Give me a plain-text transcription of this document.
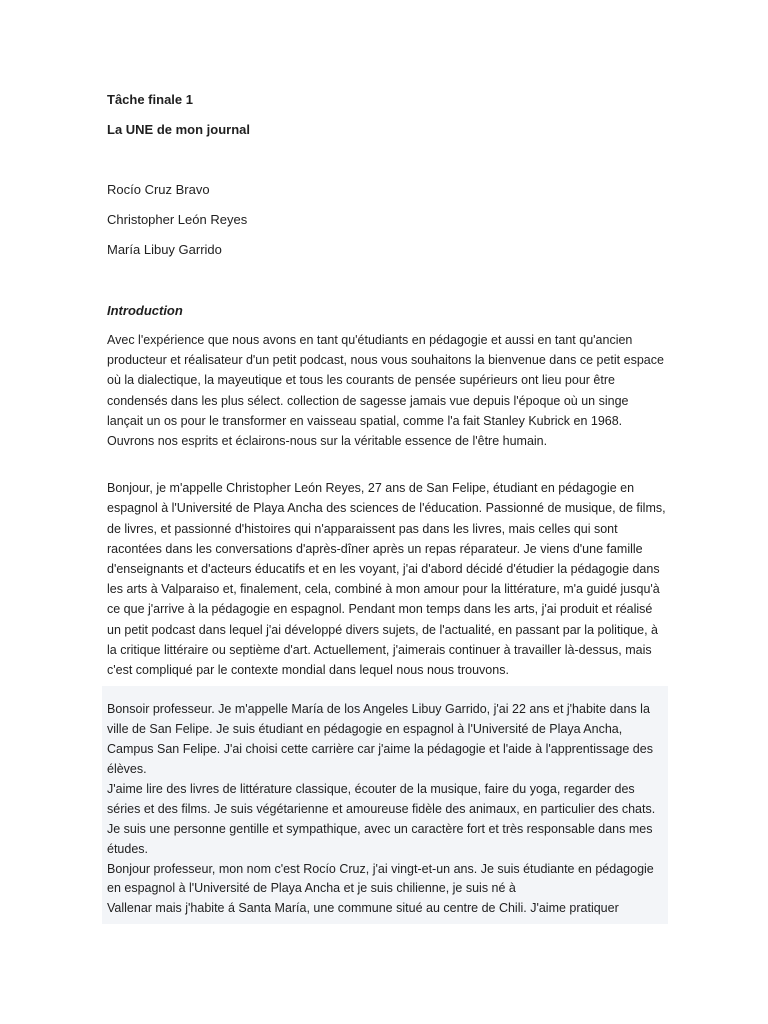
Tâche finale 1

La UNE de mon journal

Rocío Cruz Bravo

Christopher León Reyes

María Libuy Garrido

Introduction

Avec l'expérience que nous avons en tant qu'étudiants en pédagogie et aussi en tant qu'ancien producteur et réalisateur d'un petit podcast, nous vous souhaitons la bienvenue dans ce petit espace où la dialectique, la mayeutique et tous les courants de pensée supérieurs ont lieu pour être condensés dans les plus sélect. collection de sagesse jamais vue depuis l'époque où un singe lançait un os pour le transformer en vaisseau spatial, comme l'a fait Stanley Kubrick en 1968. Ouvrons nos esprits et éclairons-nous sur la véritable essence de l'être humain.

Bonjour, je m'appelle Christopher León Reyes, 27 ans de San Felipe, étudiant en pédagogie en espagnol à l'Université de Playa Ancha des sciences de l'éducation. Passionné de musique, de films, de livres, et passionné d'histoires qui n'apparaissent pas dans les livres, mais celles qui sont racontées dans les conversations d'après-dîner après un repas réparateur. Je viens d'une famille d'enseignants et d'acteurs éducatifs et en les voyant, j'ai d'abord décidé d'étudier la pédagogie dans les arts à Valparaiso et, finalement, cela, combiné à mon amour pour la littérature, m'a guidé jusqu'à ce que j'arrive à la pédagogie en espagnol. Pendant mon temps dans les arts, j'ai produit et réalisé un petit podcast dans lequel j'ai développé divers sujets, de l'actualité, en passant par la politique, à la critique littéraire ou septième d'art. Actuellement, j'aimerais continuer à travailler là-dessus, mais c'est compliqué par le contexte mondial dans lequel nous nous trouvons.

Bonsoir professeur. Je m'appelle María de los Angeles Libuy Garrido, j'ai 22 ans et j'habite dans la ville de San Felipe. Je suis étudiant en pédagogie en espagnol à l'Université de Playa Ancha, Campus San Felipe. J'ai choisi cette carrière car j'aime la pédagogie et l'aide à l'apprentissage des élèves.

J'aime lire des livres de littérature classique, écouter de la musique, faire du yoga, regarder des séries et des films. Je suis végétarienne et amoureuse fidèle des animaux, en particulier des chats. Je suis une personne gentille et sympathique, avec un caractère fort et très responsable dans mes études.

Bonjour professeur, mon nom c'est Rocío Cruz, j'ai vingt-et-un ans. Je suis étudiante en pédagogie en espagnol à l'Université de Playa Ancha et je suis chilienne, je suis né à

Vallenar mais j'habite á Santa María, une commune situé au centre de Chili. J'aime pratiquer
